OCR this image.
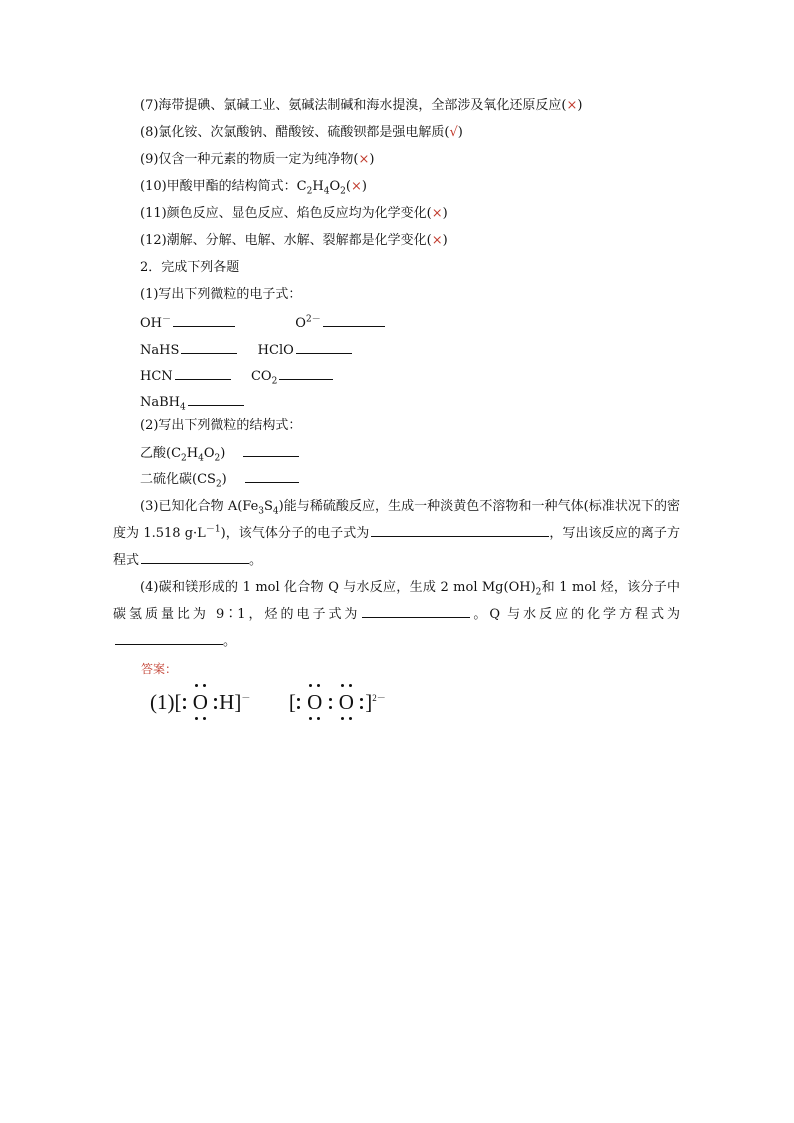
(7)海带提碘、氯碱工业、氨碱法制碱和海水提溴，全部涉及氧化还原反应(×)
(8)氯化铵、次氯酸钠、醋酸铵、硫酸钡都是强电解质(√)
(9)仅含一种元素的物质一定为纯净物(×)
(10)甲酸甲酯的结构简式：$C_2H_4O_2(\times)$
(11)颜色反应、显色反应、焰色反应均为化学变化(×)
(12)潮解、分解、电解、水解、裂解都是化学变化(×)
2．完成下列各题
(1)写出下列微粒的电子式：
OH－	$O^{2-}$
NaHS	HClO
HCN	$CO_2$
NaBH$_4$
(2)写出下列微粒的结构式：
乙酸$(C_2H_4O_2)$
二硫化碳$(CS_2)$
(3)已知化合物 $A(Fe_3S_4)$能与稀硫酸反应，生成一种淡黄色不溶物和一种气体(标准状况下的密度为 1.518 $g\cdot L^{-1}$)，该气体分子的电子式为	，写出该反应的离子方程式	。
(4)碳和镁形成的 1 mol 化合物 Q 与水反应，生成 2 mol $Mg(OH)_2$和 1 mol 烃，该分子中碳氢质量比为 9∶1，烃的电子式为	。Q 与水反应的化学方程式为。
答案：
(1)[
O H]－ [
O
O ]$^{2-}$
